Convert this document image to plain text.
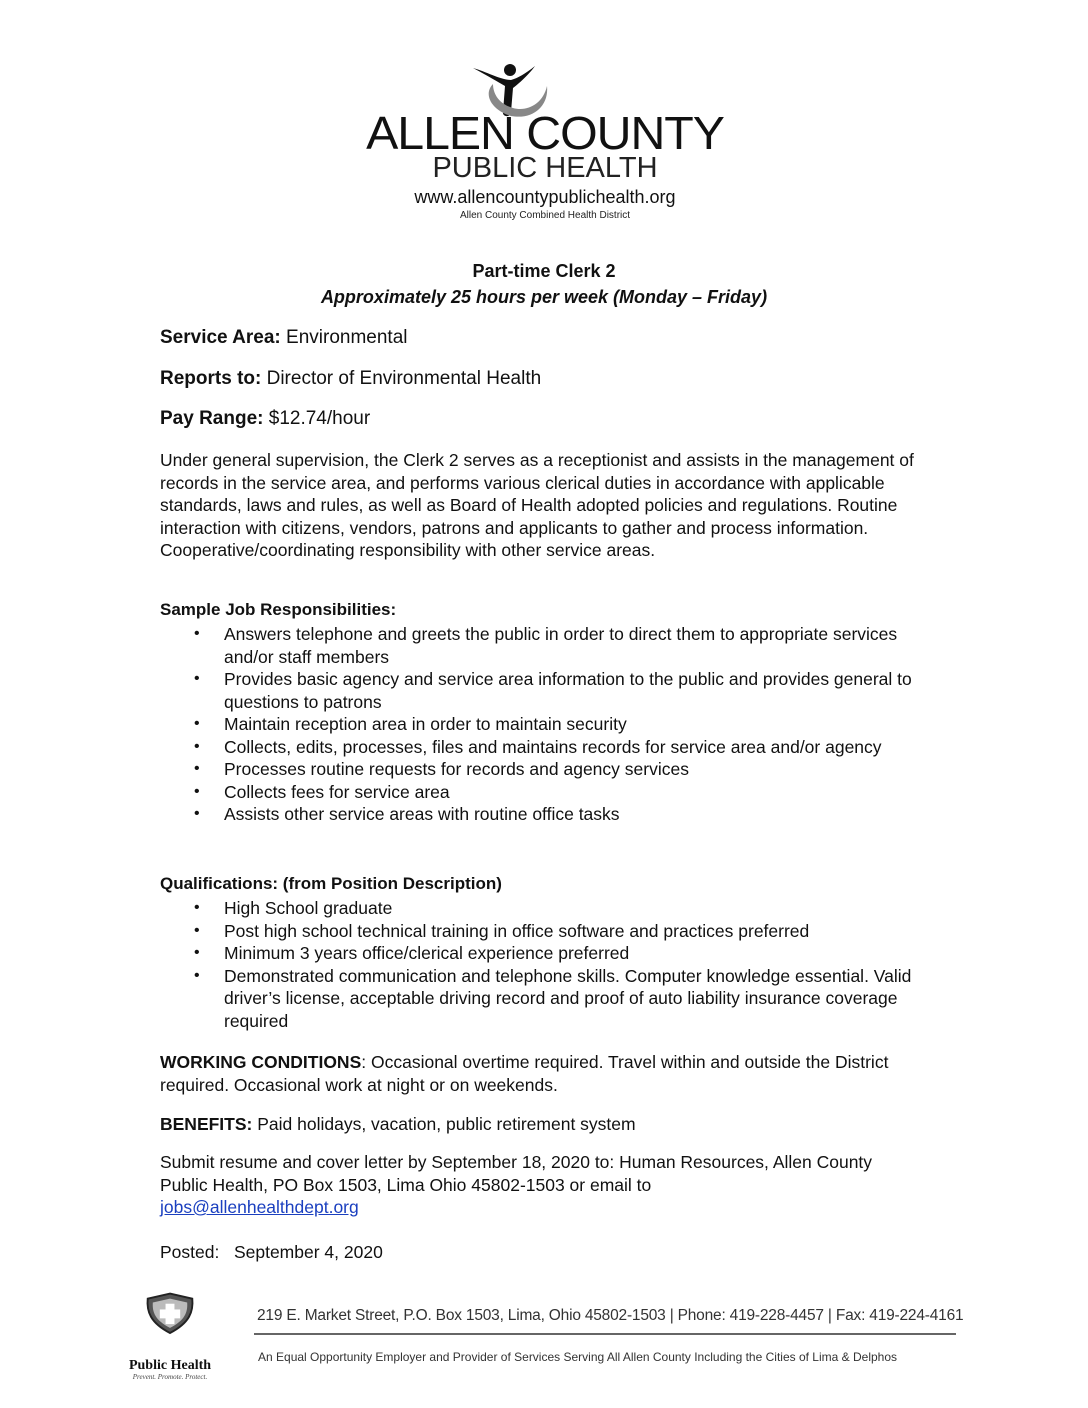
ALLEN COUNTY
PUBLIC HEALTH
www.allencountypublichealth.org
Allen County Combined Health District
Part-time Clerk 2
Approximately 25 hours per week (Monday – Friday)
Service Area: Environmental
Reports to: Director of Environmental Health
Pay Range: $12.74/hour
Under general supervision, the Clerk 2 serves as a receptionist and assists in the management of records in the service area, and performs various clerical duties in accordance with applicable standards, laws and rules, as well as Board of Health adopted policies and regulations. Routine interaction with citizens, vendors, patrons and applicants to gather and process information. Cooperative/coordinating responsibility with other service areas.
Sample Job Responsibilities:
• Answers telephone and greets the public in order to direct them to appropriate services and/or staff members
• Provides basic agency and service area information to the public and provides general to questions to patrons
• Maintain reception area in order to maintain security
• Collects, edits, processes, files and maintains records for service area and/or agency
• Processes routine requests for records and agency services
• Collects fees for service area
• Assists other service areas with routine office tasks
Qualifications: (from Position Description)
• High School graduate
• Post high school technical training in office software and practices preferred
• Minimum 3 years office/clerical experience preferred
• Demonstrated communication and telephone skills. Computer knowledge essential. Valid driver’s license, acceptable driving record and proof of auto liability insurance coverage required
WORKING CONDITIONS: Occasional overtime required. Travel within and outside the District required. Occasional work at night or on weekends.
BENEFITS: Paid holidays, vacation, public retirement system
Submit resume and cover letter by September 18, 2020 to: Human Resources, Allen County Public Health, PO Box 1503, Lima Ohio 45802-1503 or email to
jobs@allenhealthdept.org
Posted: September 4, 2020
Public Health
Prevent. Promote. Protect.
219 E. Market Street, P.O. Box 1503, Lima, Ohio 45802-1503 | Phone: 419-228-4457 | Fax: 419-224-4161
An Equal Opportunity Employer and Provider of Services Serving All Allen County Including the Cities of Lima & Delphos
